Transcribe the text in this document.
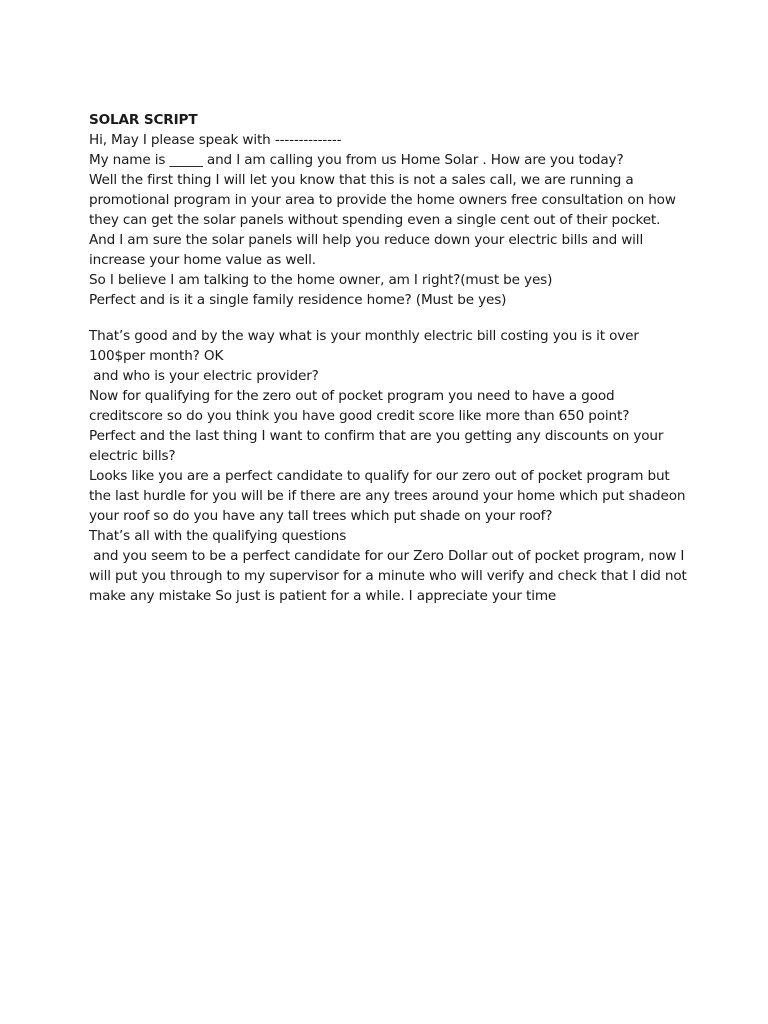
SOLAR SCRIPT

Hi, May I please speak with --------------

My name is _____ and I am calling you from us Home Solar . How are you today?

Well the first thing I will let you know that this is not a sales call, we are running a promotional program in your area to provide the home owners free consultation on how they can get the solar panels without spending even a single cent out of their pocket. And I am sure the solar panels will help you reduce down your electric bills and will increase your home value as well.

So I believe I am talking to the home owner, am I right?(must be yes)

Perfect and is it a single family residence home? (Must be yes)

That’s good and by the way what is your monthly electric bill costing you is it over 100$per month? OK

and who is your electric provider?

Now for qualifying for the zero out of pocket program you need to have a good creditscore so do you think you have good credit score like more than 650 point?

Perfect and the last thing I want to confirm that are you getting any discounts on your electric bills?

Looks like you are a perfect candidate to qualify for our zero out of pocket program but the last hurdle for you will be if there are any trees around your home which put shadeon your roof so do you have any tall trees which put shade on your roof?

That’s all with the qualifying questions

and you seem to be a perfect candidate for our Zero Dollar out of pocket program, now I will put you through to my supervisor for a minute who will verify and check that I did not make any mistake So just is patient for a while. I appreciate your time
